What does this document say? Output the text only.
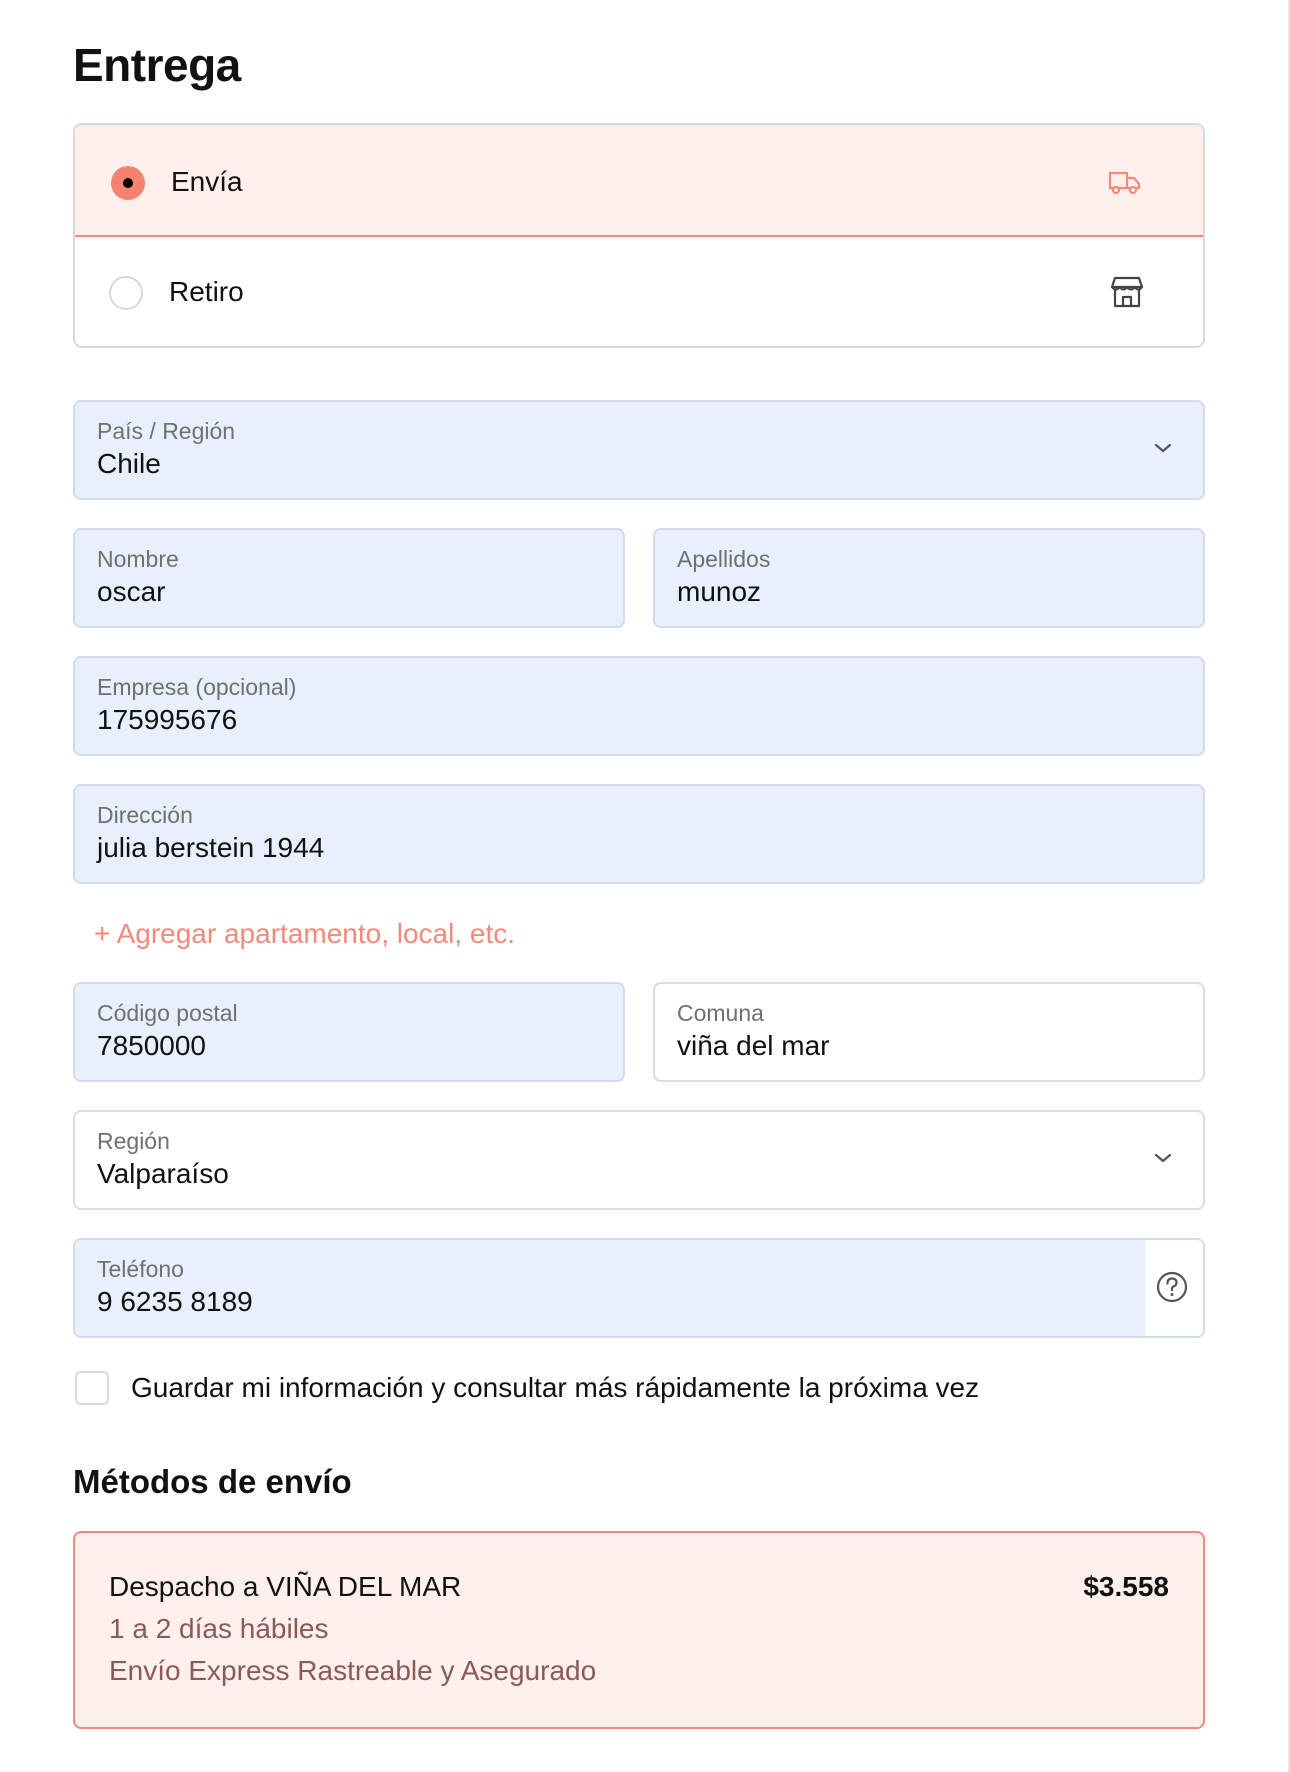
Entrega
Envía
Retiro
País / Región
Chile
Nombre
oscar
Apellidos
munoz
Empresa (opcional)
175995676
Dirección
julia berstein 1944
+ Agregar apartamento, local, etc.
Código postal
7850000
Comuna
viña del mar
Región
Valparaíso
Teléfono
9 6235 8189
Guardar mi información y consultar más rápidamente la próxima vez
Métodos de envío
Despacho a VIÑA DEL MAR	$3.558
1 a 2 días hábiles
Envío Express Rastreable y Asegurado
